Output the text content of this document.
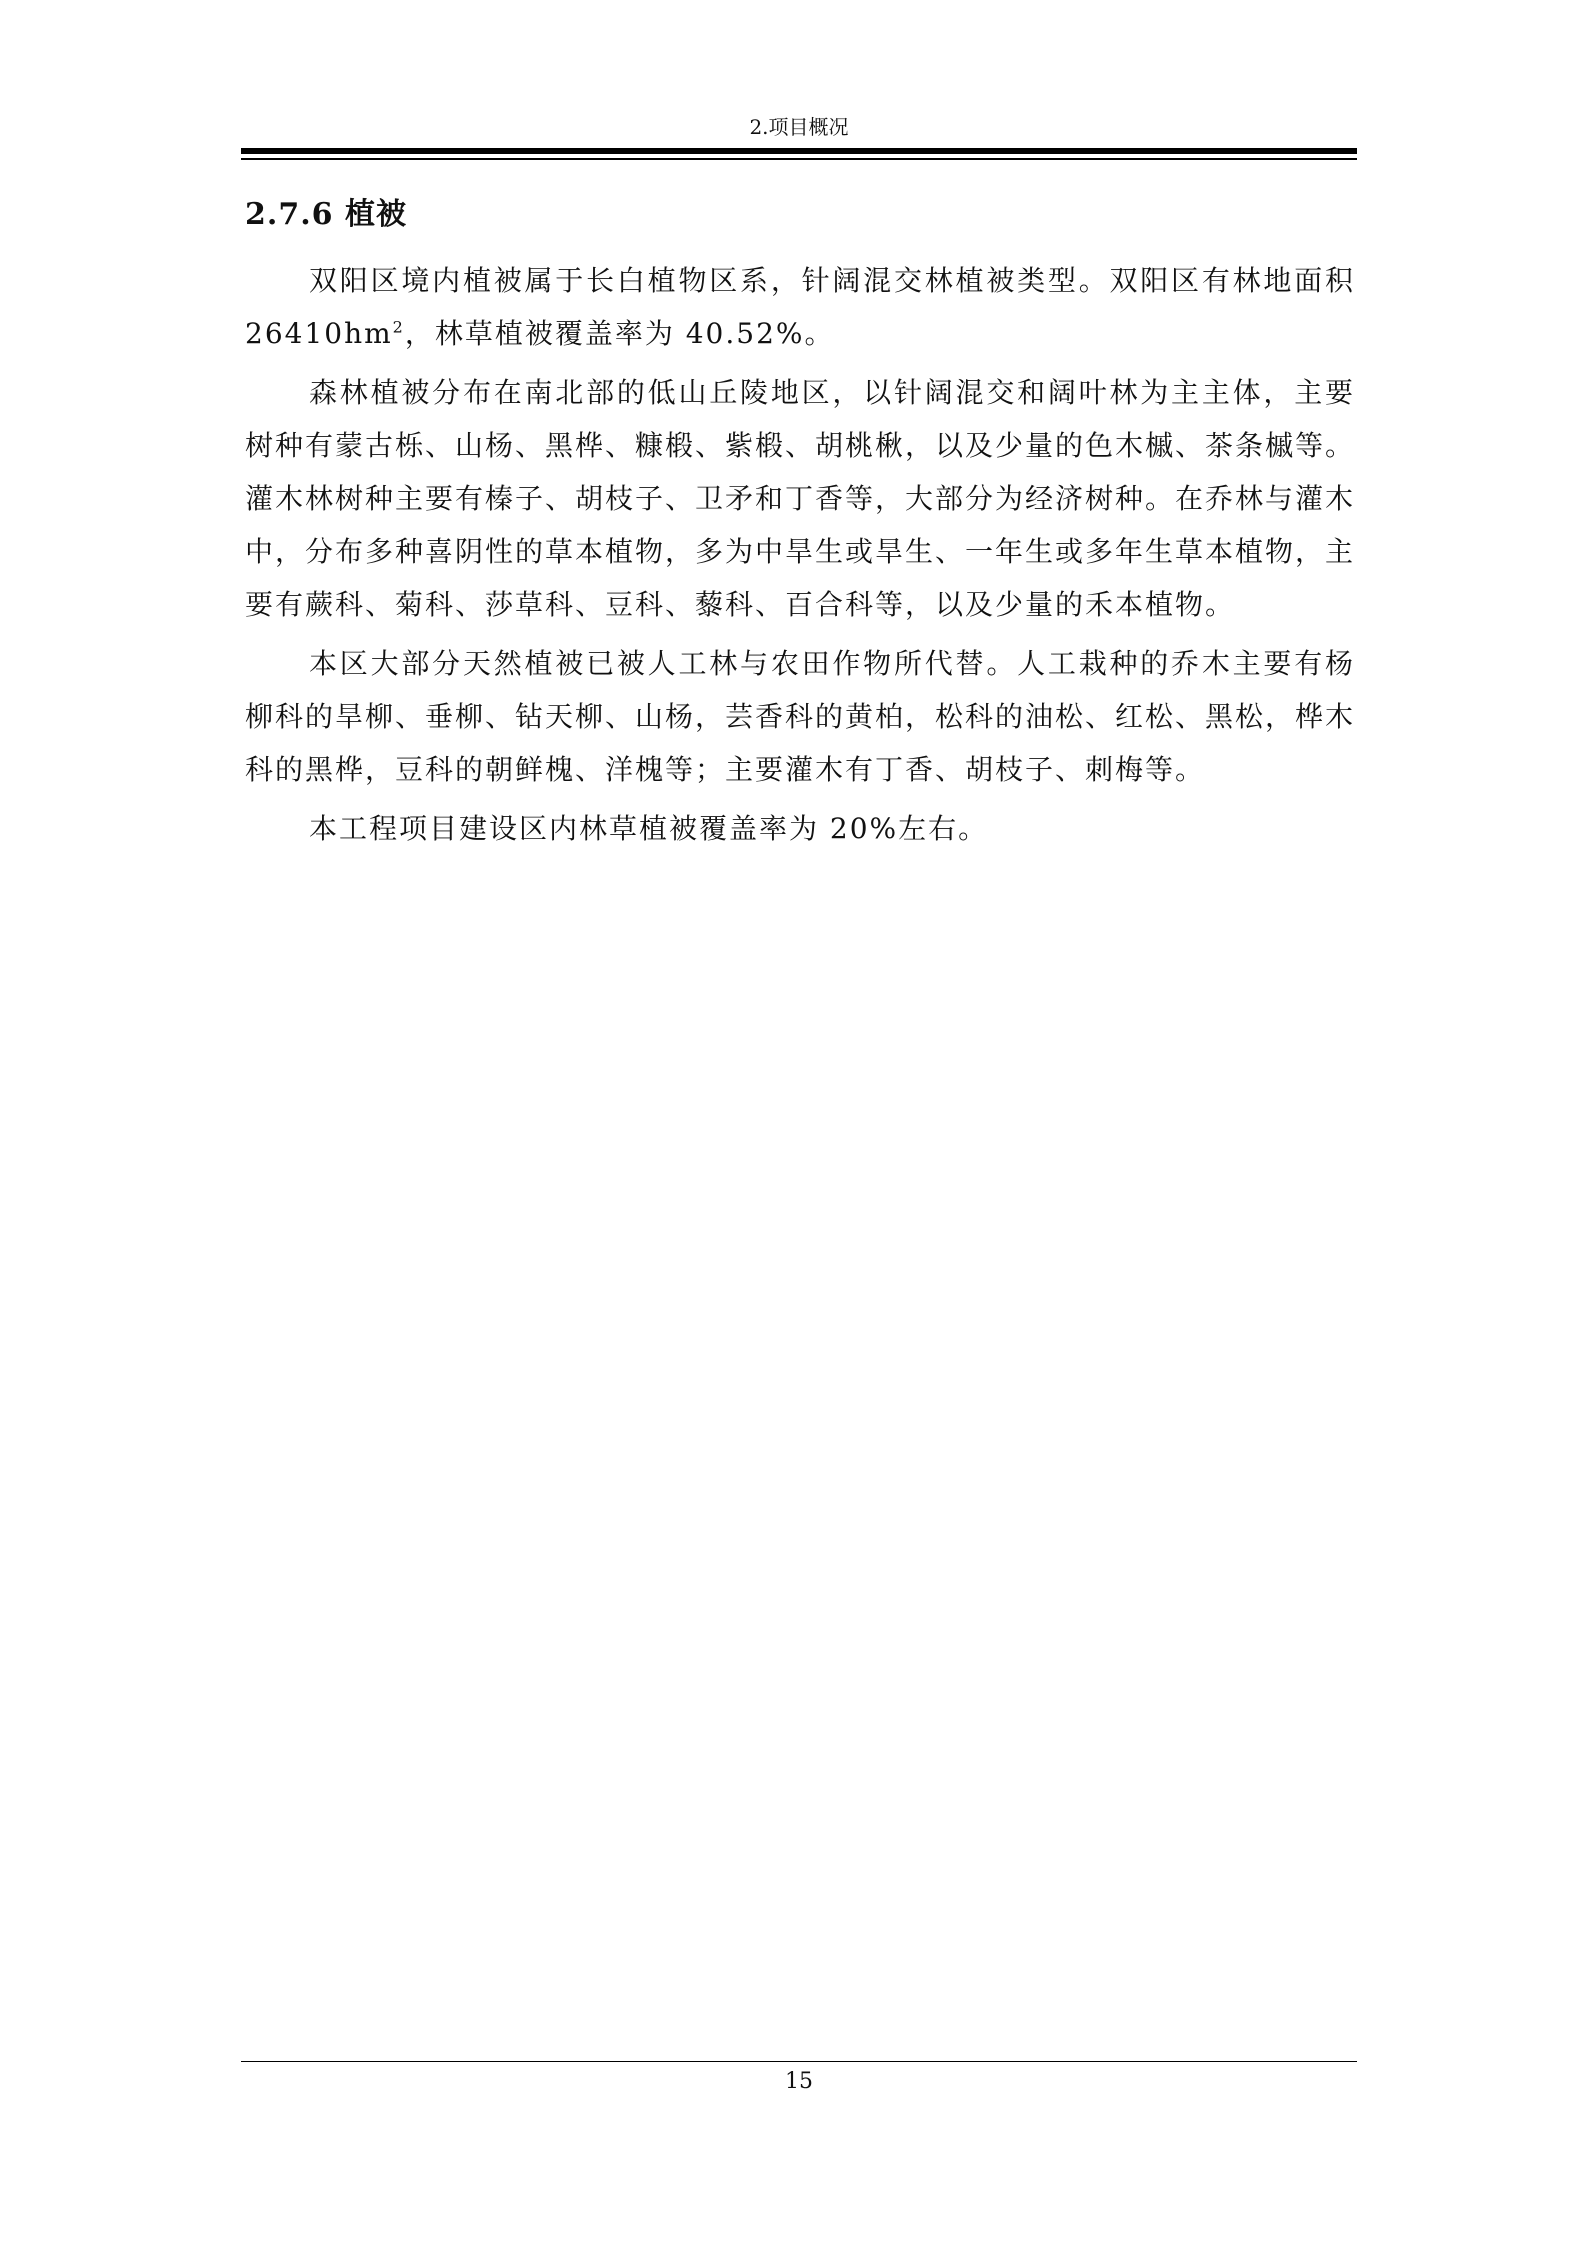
2.项目概况
2.7.6 植被

双阳区境内植被属于长白植物区系，针阔混交林植被类型。双阳区有林地面积 $26410hm^2$，林草植被覆盖率为 40.52%。

森林植被分布在南北部的低山丘陵地区，以针阔混交和阔叶林为主主体，主要树种有蒙古栎、山杨、黑桦、糠椴、紫椴、胡桃楸，以及少量的色木槭、茶条槭等。灌木林树种主要有榛子、胡枝子、卫矛和丁香等，大部分为经济树种。在乔林与灌木中，分布多种喜阴性的草本植物，多为中旱生或旱生、一年生或多年生草本植物，主要有蕨科、菊科、莎草科、豆科、藜科、百合科等，以及少量的禾本植物。

本区大部分天然植被已被人工林与农田作物所代替。人工栽种的乔木主要有杨柳科的旱柳、垂柳、钻天柳、山杨，芸香科的黄柏，松科的油松、红松、黑松，桦木科的黑桦，豆科的朝鲜槐、洋槐等；主要灌木有丁香、胡枝子、刺梅等。

本工程项目建设区内林草植被覆盖率为 20%左右。

15
